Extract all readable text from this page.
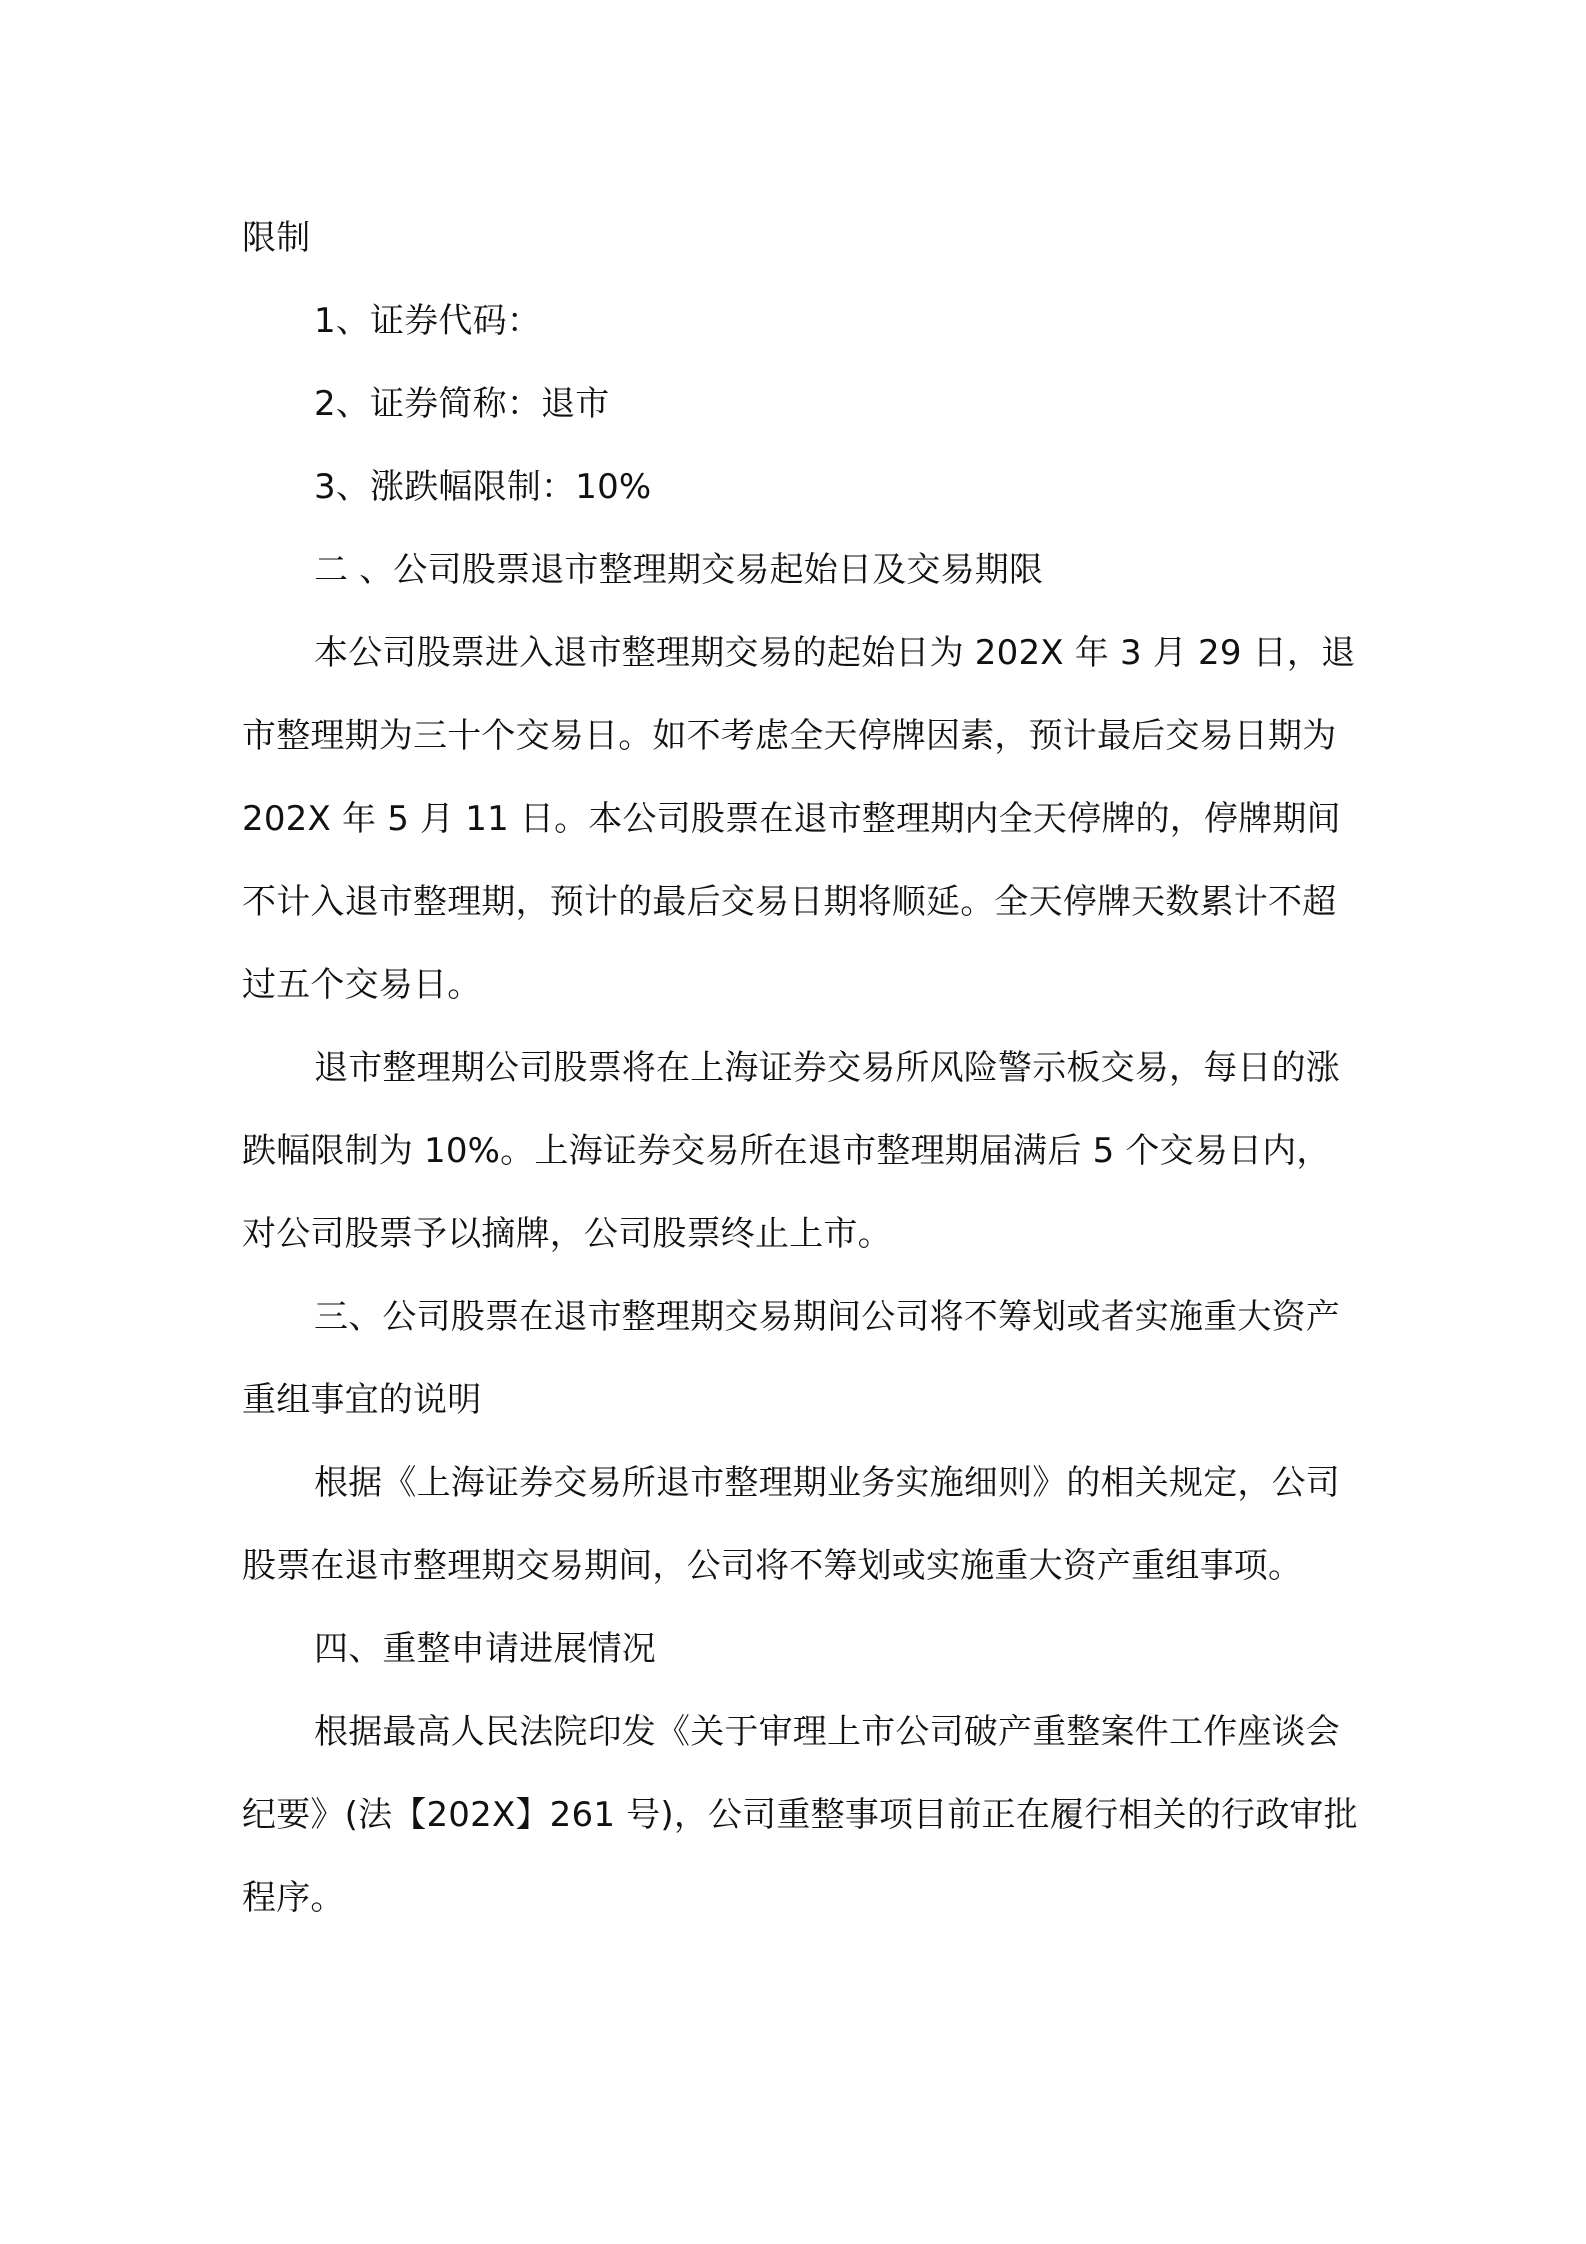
限制

1、证券代码：

2、证券简称：退市

3、涨跌幅限制：10%

二 、公司股票退市整理期交易起始日及交易期限

本公司股票进入退市整理期交易的起始日为 202X 年 3 月 29 日，退市整理期为三十个交易日。如不考虑全天停牌因素，预计最后交易日期为 202X 年 5 月 11 日。本公司股票在退市整理期内全天停牌的，停牌期间不计入退市整理期，预计的最后交易日期将顺延。全天停牌天数累计不超过五个交易日。

退市整理期公司股票将在上海证券交易所风险警示板交易，每日的涨跌幅限制为 10%。上海证券交易所在退市整理期届满后 5 个交易日内，对公司股票予以摘牌，公司股票终止上市。

三、公司股票在退市整理期交易期间公司将不筹划或者实施重大资产重组事宜的说明

根据《上海证券交易所退市整理期业务实施细则》的相关规定，公司股票在退市整理期交易期间，公司将不筹划或实施重大资产重组事项。

四、重整申请进展情况

根据最高人民法院印发《关于审理上市公司破产重整案件工作座谈会纪要》(法【202X】261 号)，公司重整事项目前正在履行相关的行政审批程序。
